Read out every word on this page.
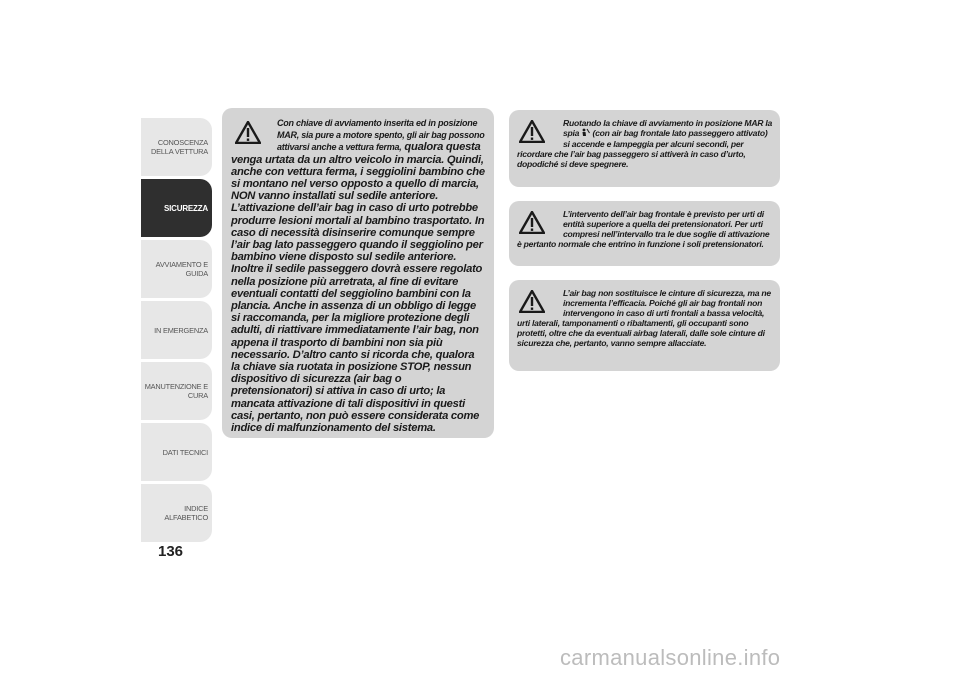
CONOSCENZA
DELLA VETTURA
SICUREZZA
AVVIAMENTO E
GUIDA
IN EMERGENZA
MANUTENZIONE E
CURA
DATI TECNICI
INDICE ALFABETICO
136
Con chiave di avviamento inserita ed in posizione MAR, sia pure a motore spento, gli air bag possono attivarsi anche a vettura ferma, qualora questa venga urtata da un altro veicolo in marcia. Quindi, anche con vettura ferma, i seggiolini bambino che si montano nel verso opposto a quello di marcia, NON vanno installati sul sedile anteriore. L’attivazione dell’air bag in caso di urto potrebbe produrre lesioni mortali al bambino trasportato. In caso di necessità disinserire comunque sempre l’air bag lato passeggero quando il seggiolino per bambino viene disposto sul sedile anteriore. Inoltre il sedile passeggero dovrà essere regolato nella posizione più arretrata, al fine di evitare eventuali contatti del seggiolino bambini con la plancia. Anche in assenza di un obbligo di legge si raccomanda, per la migliore protezione degli adulti, di riattivare immediatamente l’air bag, non appena il trasporto di bambini non sia più necessario. D’altro canto si ricorda che, qualora la chiave sia ruotata in posizione STOP, nessun dispositivo di sicurezza (air bag o pretensionatori) si attiva in caso di urto; la mancata attivazione di tali dispositivi in questi casi, pertanto, non può essere considerata come indice di malfunzionamento del sistema.
Ruotando la chiave di avviamento in posizione MAR la spia  (con air bag frontale lato passeggero attivato) si accende e lampeggia per alcuni secondi, per ricordare che l’air bag passeggero si attiverà in caso d’urto, dopodiché si deve spegnere.
L’intervento dell’air bag frontale è previsto per urti di entità superiore a quella dei pretensionatori. Per urti compresi nell’intervallo tra le due soglie di attivazione è pertanto normale che entrino in funzione i soli pretensionatori.
L’air bag non sostituisce le cinture di sicurezza, ma ne incrementa l’efficacia. Poiché gli air bag frontali non intervengono in caso di urti frontali a bassa velocità, urti laterali, tamponamenti o ribaltamenti, gli occupanti sono protetti, oltre che da eventuali airbag laterali, dalle sole cinture di sicurezza che, pertanto, vanno sempre allacciate.
carmanualsonline.info
